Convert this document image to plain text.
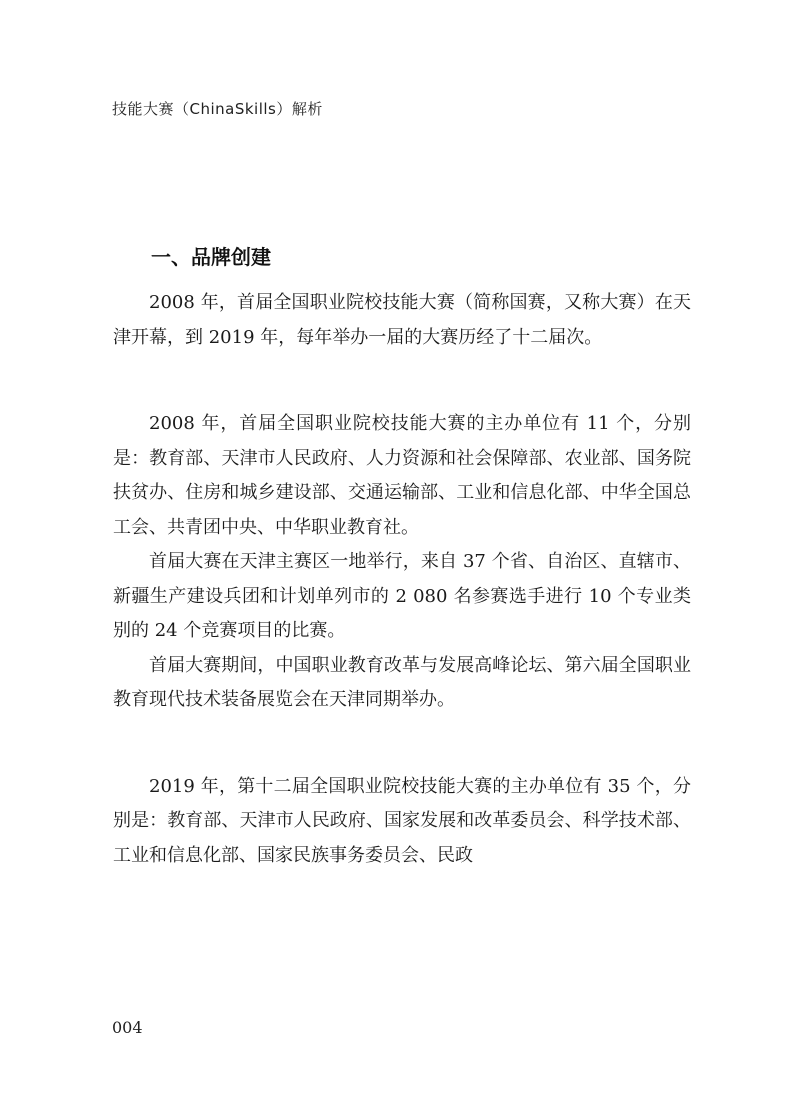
技能大赛（ChinaSkills）解析
一、品牌创建

2008 年，首届全国职业院校技能大赛（简称国赛，又称大赛）在天津开幕，到 2019 年，每年举办一届的大赛历经了十二届次。

2008 年，首届全国职业院校技能大赛的主办单位有 11 个，分别是：教育部、天津市人民政府、人力资源和社会保障部、农业部、国务院扶贫办、住房和城乡建设部、交通运输部、工业和信息化部、中华全国总工会、共青团中央、中华职业教育社。

首届大赛在天津主赛区一地举行，来自 37 个省、自治区、直辖市、新疆生产建设兵团和计划单列市的 2 080 名参赛选手进行 10 个专业类别的 24 个竞赛项目的比赛。

首届大赛期间，中国职业教育改革与发展高峰论坛、第六届全国职业教育现代技术装备展览会在天津同期举办。

2019 年，第十二届全国职业院校技能大赛的主办单位有 35 个，分别是：教育部、天津市人民政府、国家发展和改革委员会、科学技术部、工业和信息化部、国家民族事务委员会、民政

004
